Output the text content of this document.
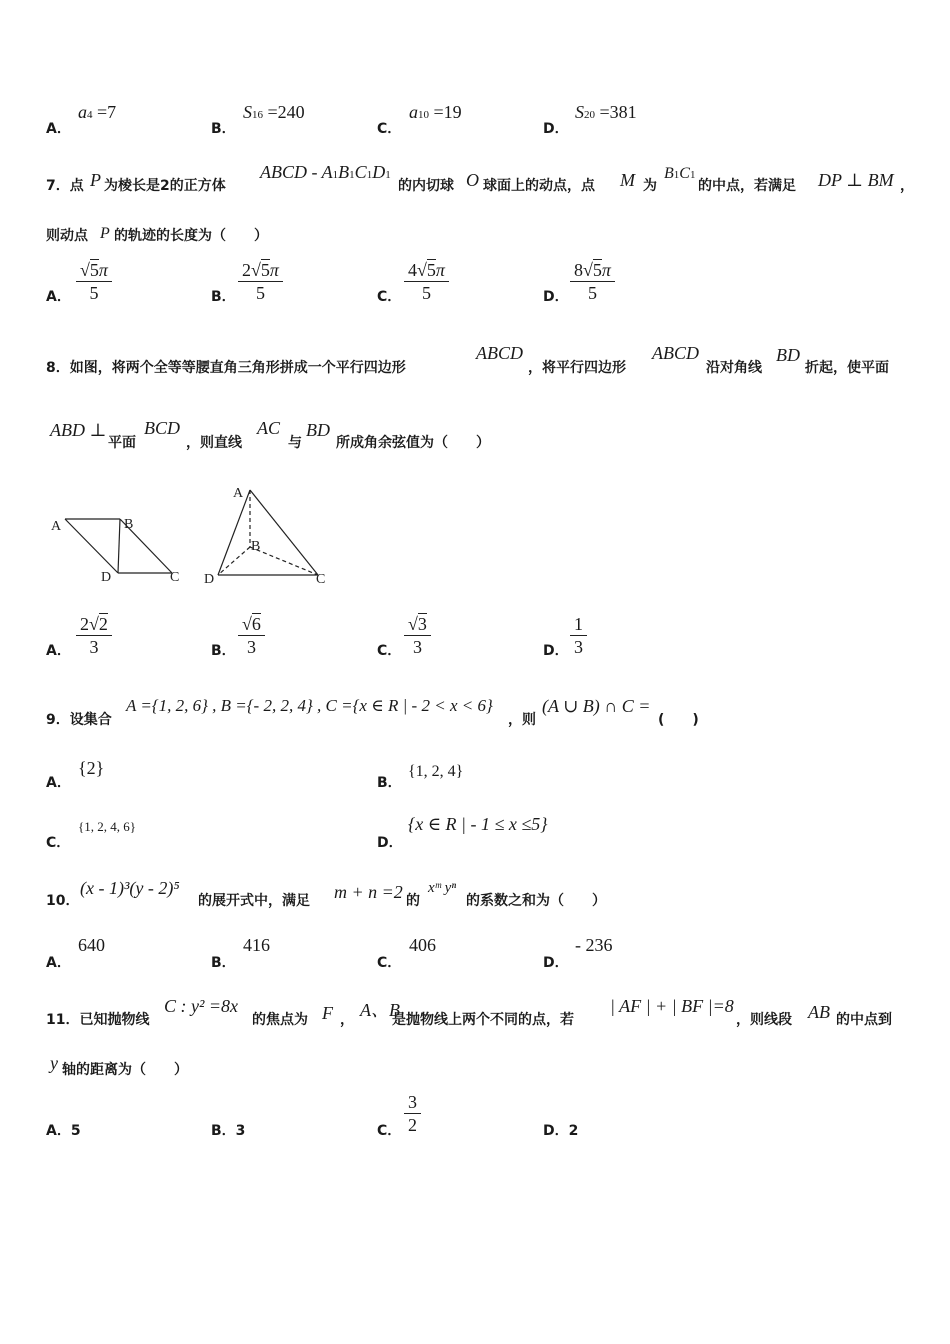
A．
a4 =7
B．
S16 =240
C．
a10 =19
D．
S20 =381
7．点 P 为棱长是2的正方体
ABCD - A1B1C1D1
的内切球 O 球面上的动点，点 M 为
B1C1
的中点，若满足 DP ⊥ BM ，
则动点 P 的轨迹的长度为（　　）
A． $\frac{√5\pi}{5}$	B． $\frac{2√5\pi}{5}$	C． $\frac{4√5\pi}{5}$	D． $\frac{8√5\pi}{5}$
8．如图，将两个全等等腰直角三角形拼成一个平行四边形
ABCD
，将平行四边形
ABCD
沿对角线
BD
折起，使平面
ABD ⊥
平面
BCD
，则直线
AC
与
BD
所成角余弦值为（　　）
A	B
D	C
A
B
D	C
A． $\frac{2√2}{3}$	B． $\frac{√6}{3}$	C． $\frac{√3}{3}$	D． $\frac{1}{3}$
9．设集合
A ={1, 2, 6} , B ={- 2, 2, 4} , C ={x ∈ R | - 2 < x < 6}
，则
(A ∪ B) ∩ C =
(　　)
A．
{2}
B．
{1, 2, 4}
C．
{1, 2, 4, 6}
D．
{x ∈ R | - 1 ≤ x ≤5}
10．
(x - 1)³(y - 2)⁵
的展开式中，满足 m + n =2 的
xᵐ yⁿ
的系数之和为（　　）
A．
640
B．
416
C．
406
D．
- 236
11．已知抛物线
C : y² =8x
的焦点为 F ， A、B
是抛物线上两个不同的点，若
| AF | + | BF |=8
，则线段 AB 的中点到
y 轴的距离为（　　）
A．5	B．3	C． $\frac{3}{2}$	D．2
